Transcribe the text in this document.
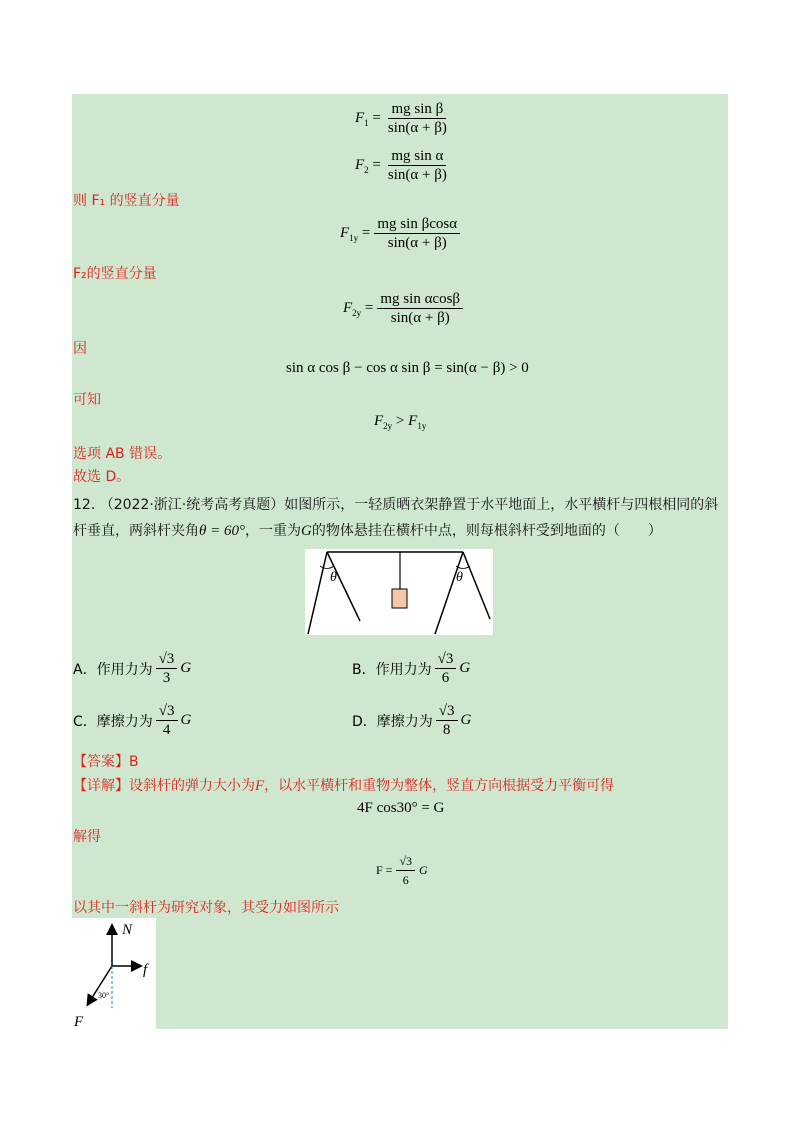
$F_1 = \frac{\text{mg sin β}}{\sin(\alpha + \beta)}$
$F_2 = \frac{\text{mg sin α}}{\sin(\alpha + \beta)}$
则 F₁ 的竖直分量
$F_{1y} = \frac{\text{mg sin βcosα}}{\sin(\alpha + \beta)}$
F₂的竖直分量
$F_{2y} = \frac{\text{mg sin αcosβ}}{\sin(\alpha + \beta)}$
因
sin α cos β − cos α sin β = sin(α − β) > 0
可知
$F_{2y} > F_{1y}$
选项 AB 错误。
故选 D。
12. （2022·浙江·统考高考真题）如图所示，一轻质晒衣架静置于水平地面上，水平横杆与四根相同的斜
杆垂直，两斜杆夹角θ = 60°，一重为G的物体悬挂在横杆中点，则每根斜杆受到地面的（　　）
θ	θ
A．作用力为 $\frac{√3}{3}$ G	B．作用力为 $\frac{√3}{6}$ G
C．摩擦力为 $\frac{√3}{4}$ G	D．摩擦力为 $\frac{√3}{8}$ G
【答案】B
【详解】设斜杆的弹力大小为F，以水平横杆和重物为整体，竖直方向根据受力平衡可得
4F cos30° = G
解得
$F = \frac{√3}{6}$ G
以其中一斜杆为研究对象，其受力如图所示
N
f
F
30°
